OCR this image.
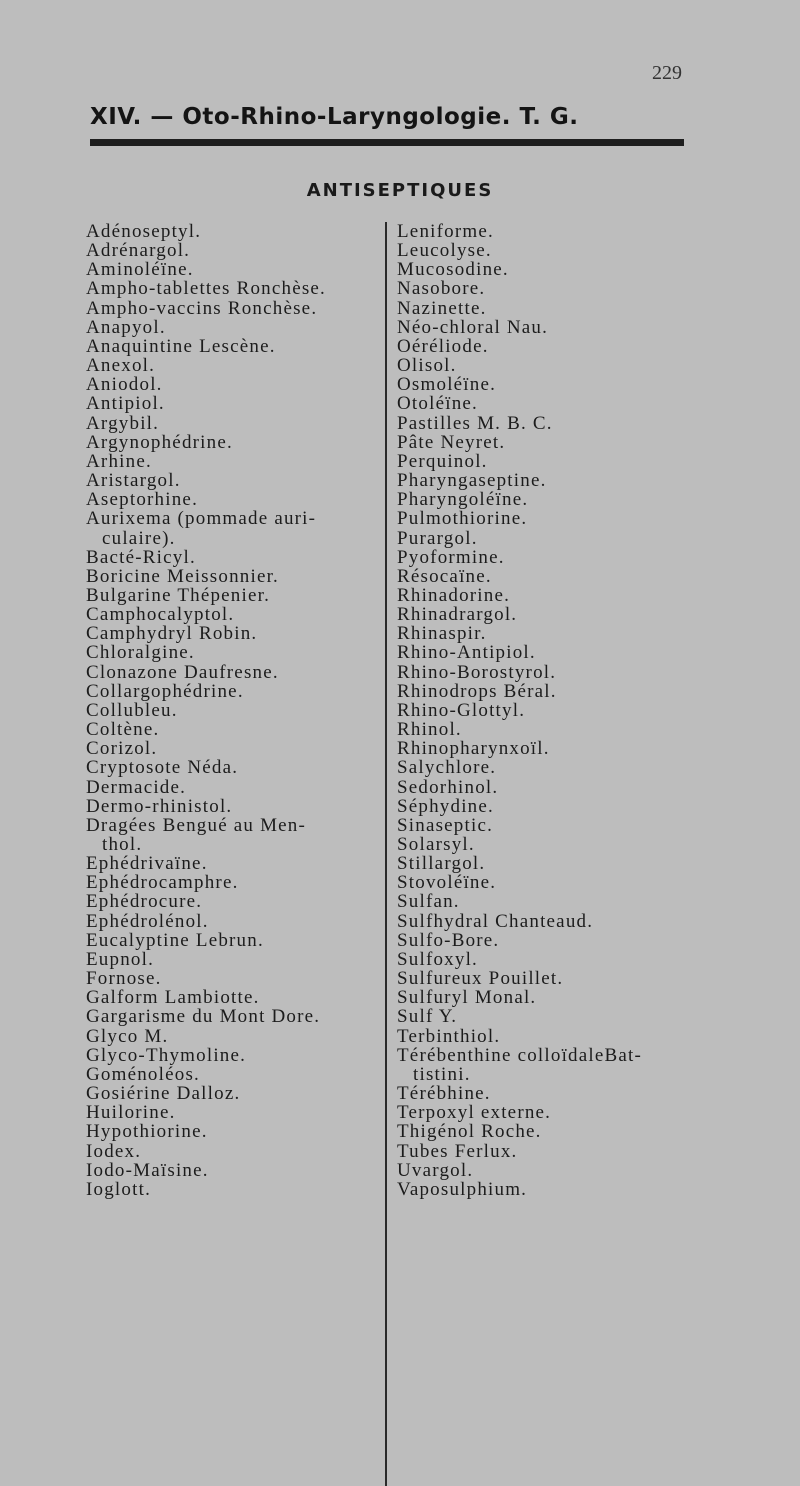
229
XIV. — Oto-Rhino-Laryngologie. T. G.
ANTISEPTIQUES
Adénoseptyl.
Adrénargol.
Aminoléïne.
Ampho-tablettes Ronchèse.
Ampho-vaccins Ronchèse.
Anapyol.
Anaquintine Lescène.
Anexol.
Aniodol.
Antipiol.
Argybil.
Argynophédrine.
Arhine.
Aristargol.
Aseptorhine.
Aurixema (pommade auri-
culaire).
Bacté-Ricyl.
Boricine Meissonnier.
Bulgarine Thépenier.
Camphocalyptol.
Camphydryl Robin.
Chloralgine.
Clonazone Daufresne.
Collargophédrine.
Collubleu.
Coltène.
Corizol.
Cryptosote Néda.
Dermacide.
Dermo-rhinistol.
Dragées Bengué au Men-
thol.
Ephédrivaïne.
Ephédrocamphre.
Ephédrocure.
Ephédrolénol.
Eucalyptine Lebrun.
Eupnol.
Fornose.
Galform Lambiotte.
Gargarisme du Mont Dore.
Glyco M.
Glyco-Thymoline.
Goménoléos.
Gosiérine Dalloz.
Huilorine.
Hypothiorine.
Iodex.
Iodo-Maïsine.
Ioglott.
Leniforme.
Leucolyse.
Mucosodine.
Nasobore.
Nazinette.
Néo-chloral Nau.
Oéréliode.
Olisol.
Osmoléïne.
Otoléïne.
Pastilles M. B. C.
Pâte Neyret.
Perquinol.
Pharyngaseptine.
Pharyngoléïne.
Pulmothiorine.
Purargol.
Pyoformine.
Résocaïne.
Rhinadorine.
Rhinadrargol.
Rhinaspir.
Rhino-Antipiol.
Rhino-Borostyrol.
Rhinodrops Béral.
Rhino-Glottyl.
Rhinol.
Rhinopharynxoïl.
Salychlore.
Sedorhinol.
Séphydine.
Sinaseptic.
Solarsyl.
Stillargol.
Stovoléïne.
Sulfan.
Sulfhydral Chanteaud.
Sulfo-Bore.
Sulfoxyl.
Sulfureux Pouillet.
Sulfuryl Monal.
Sulf Y.
Terbinthiol.
Térébenthine colloïdaleBat-
tistini.
Térébhine.
Terpoxyl externe.
Thigénol Roche.
Tubes Ferlux.
Uvargol.
Vaposulphium.
